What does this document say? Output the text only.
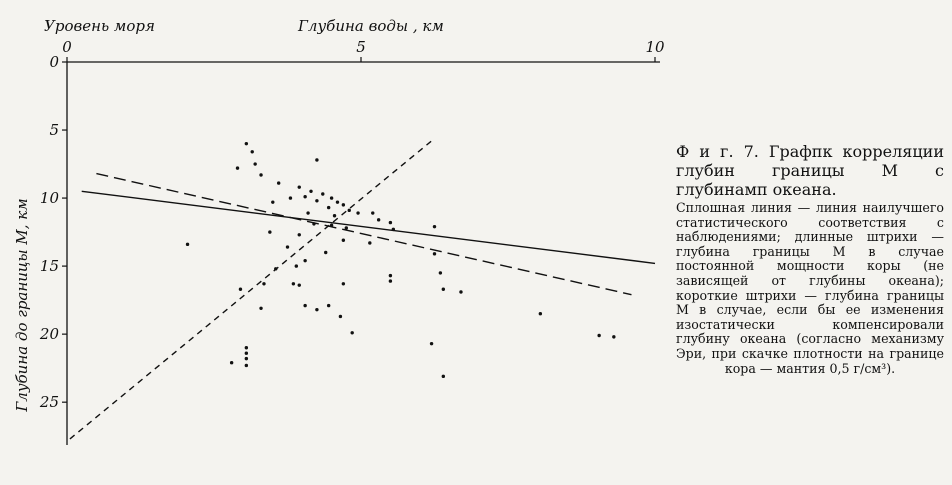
Уровень моря	Глубина воды , км
Глубина до границы M, км
0	5	10
0
5
10
15
20
25
Ф и г. 7. Графпк корреляции глубин границы M с глубинамп океана.
Сплошная линия — линия наилучшего статистического соответствия с наблюдениями; длинные штрихи — глубина границы M в случае постоянной мощности коры (не зависящей от глубины океана); короткие штрихи — глубина границы M в случае, если бы ее изменения изостатически компенсировали глубину океана (согласно механизму Эри, при скачке плотности на границе кора — мантия 0,5 г/см³).
